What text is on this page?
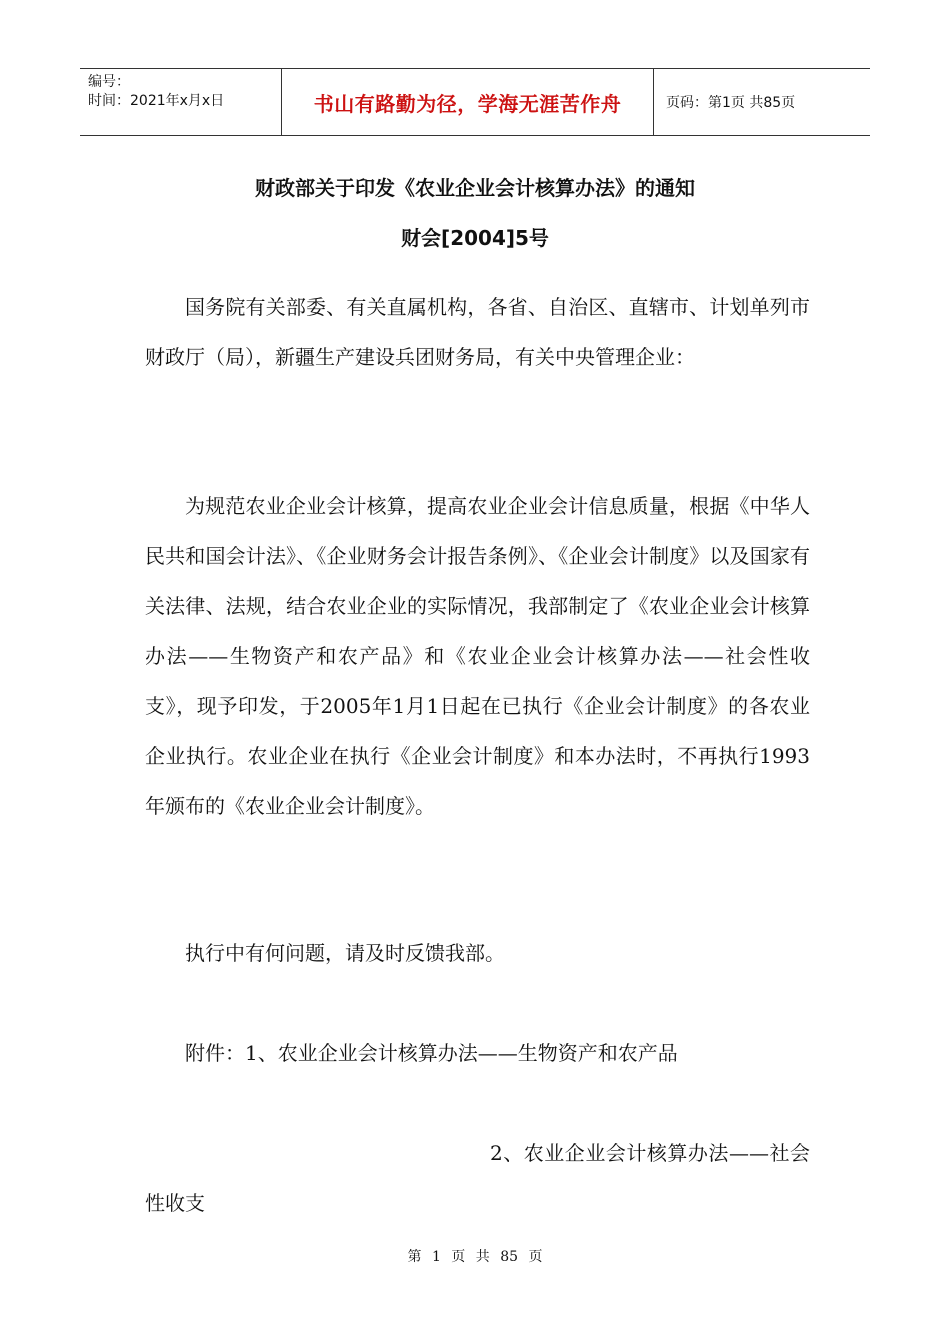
编号：
时间：2021年x月x日	书山有路勤为径，学海无涯苦作舟	页码：第1页 共85页
财政部关于印发《农业企业会计核算办法》的通知
财会[2004]5号

国务院有关部委、有关直属机构，各省、自治区、直辖市、计划单列市财政厅（局），新疆生产建设兵团财务局，有关中央管理企业：

为规范农业企业会计核算，提高农业企业会计信息质量，根据《中华人民共和国会计法》、《企业财务会计报告条例》、《企业会计制度》以及国家有关法律、法规，结合农业企业的实际情况，我部制定了《农业企业会计核算办法——生物资产和农产品》和《农业企业会计核算办法——社会性收支》，现予印发，于2005年1月1日起在已执行《企业会计制度》的各农业企业执行。农业企业在执行《企业会计制度》和本办法时，不再执行1993年颁布的《农业企业会计制度》。

执行中有何问题，请及时反馈我部。

附件：1、农业企业会计核算办法——生物资产和农产品

2、农业企业会计核算办法——社会性收支

第 1 页 共 85 页
